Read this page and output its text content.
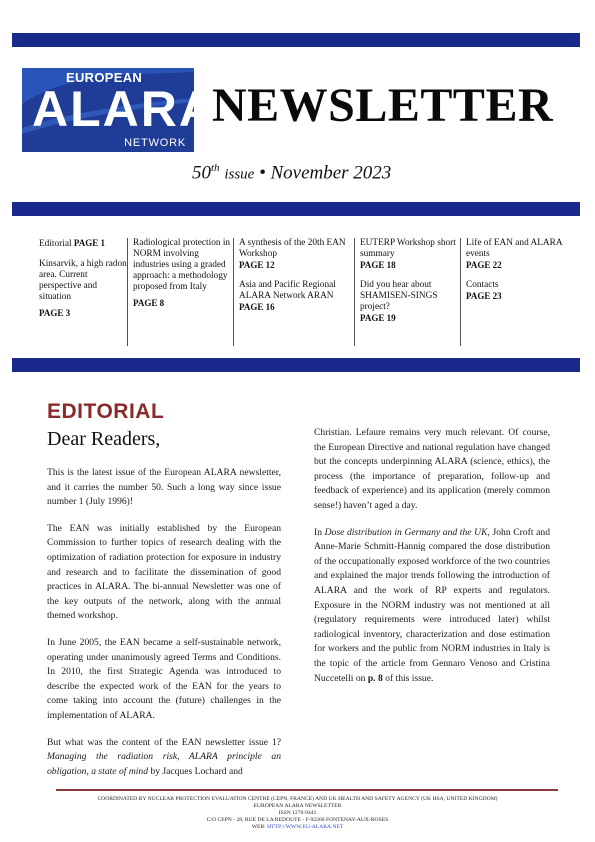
EUROPEAN
ALARA
NETWORK
NEWSLETTER
50th issue • November 2023
Editorial PAGE 1
Kinsarvik, a high radon area. Current perspective and situation
PAGE 3
Radiological protection in NORM involving industries using a graded approach: a methodology proposed from Italy
PAGE 8
A synthesis of the 20th EAN Workshop
PAGE 12
Asia and Pacific Regional ALARA Network ARAN
PAGE 16
EUTERP Workshop short summary
PAGE 18
Did you hear about SHAMISEN-SINGS project?
PAGE 19
Life of EAN and ALARA events
PAGE 22
Contacts
PAGE 23
EDITORIAL
Dear Readers,

This is the latest issue of the European ALARA newsletter, and it carries the number 50. Such a long way since issue number 1 (July 1996)!

The EAN was initially established by the European Commission to further topics of research dealing with the optimization of radiation protection for exposure in industry and research and to facilitate the dissemination of good practices in ALARA. The bi-annual Newsletter was one of the key outputs of the network, along with the annual themed workshop.

In June 2005, the EAN became a self-sustainable network, operating under unanimously agreed Terms and Conditions. In 2010, the first Strategic Agenda was introduced to describe the expected work of the EAN for the years to come taking into account the (future) challenges in the implementation of ALARA.

But what was the content of the EAN newsletter issue 1? Managing the radiation risk, ALARA principle an obligation, a state of mind by Jacques Lochard and

Christian. Lefaure remains very much relevant. Of course, the European Directive and national regulation have changed but the concepts underpinning ALARA (science, ethics), the process (the importance of preparation, follow-up and feedback of experience) and its application (merely common sense!) haven’t aged a day.

In Dose distribution in Germany and the UK, John Croft and Anne-Marie Schmitt-Hannig compared the dose distribution of the occupationally exposed workforce of the two countries and explained the major trends following the introduction of ALARA and the work of RP experts and regulators. Exposure in the NORM industry was not mentioned at all (regulatory requirements were introduced later) whilst radiological inventory, characterization and dose estimation for workers and the public from NORM industries in Italy is the topic of the article from Gennaro Venoso and Cristina Nuccetelli on p. 8 of this issue.

COORDINATED BY NUCLEAR PROTECTION EVALUATION CENTRE (CEPN, FRANCE) AND UK HEALTH AND SAFETY AGENCY (UK HSA, UNITED KINGDOM)
EUROPEAN ALARA NEWSLETTER
ISSN 1270-9441
C/O CEPN - 28, RUE DE LA REDOUTE - F-92260 FONTENAY-AUX-ROSES
WEB: HTTP://WWW.EU-ALARA.NET
